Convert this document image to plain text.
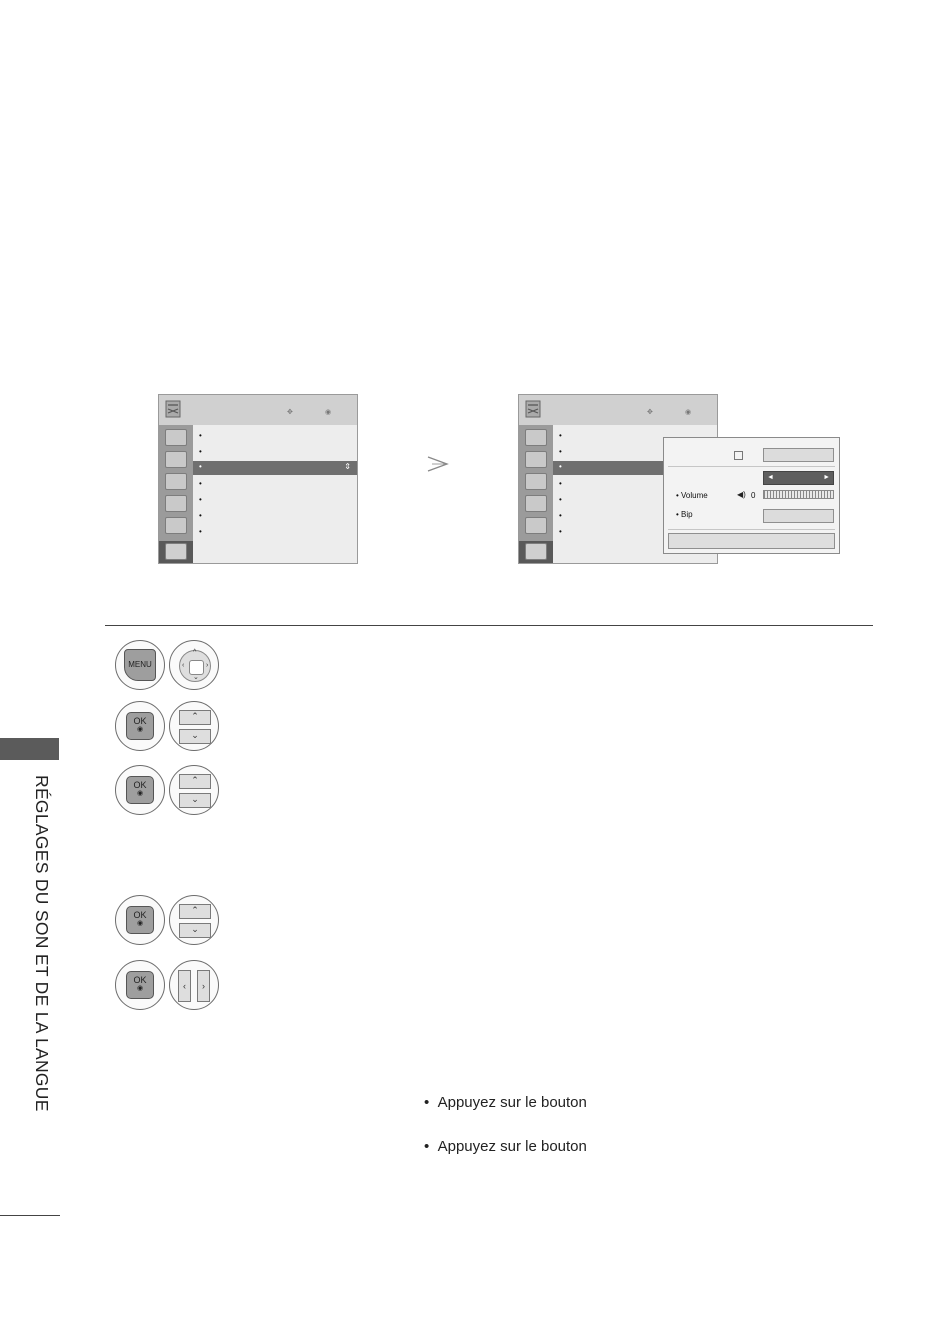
✥	◉
•
•
•	⇕
•
•
•
•
✥	◉
•
•
•
•
•
•
•
◄	►
• Volume	◀) 0
• Bip
MENU
^
⌄
‹	›
OK
◉
⌃
⌄
OK
◉
⌃
⌄
OK
◉
⌃
⌄
OK
◉	‹	›
RÉGLAGES DU SON ET DE LA LANGUE	•  Appuyez sur le bouton
•  Appuyez sur le bouton
